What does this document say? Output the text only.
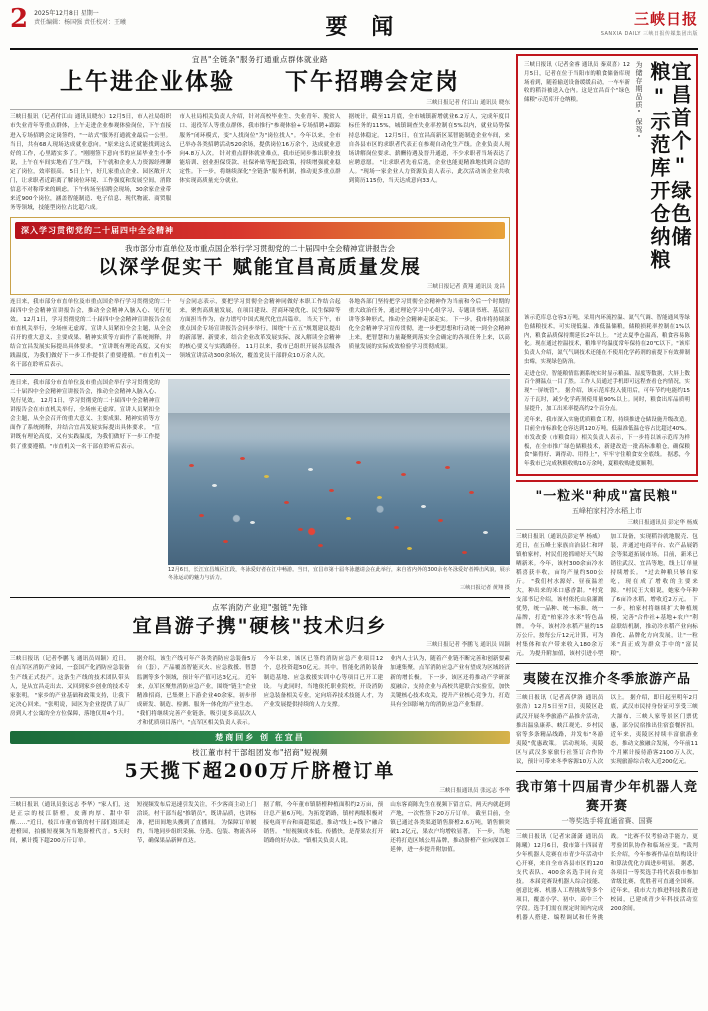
2 2025年12月8日 星期一
责任编辑：杨国强 责任校对：王曦	要 闻	三峡日报
SANXIA DAILY 三峡日报传媒集团出版
宜昌"全链条"服务打通重点群体就业路
上午进企业体验 下午招聘会定岗
三峡日报记者 付江山 通讯员 晓东
三峡日报讯（记者付江山 通讯员晓东）12月5日，市人社局组织市失业青年等重点群体，上午走进企业参观体验岗位，下午直接进入专场招聘会定岗签约，"一站式"服务打通就业最后一公里。当日，共有68人现场达成就业意向。"原来这么近就能找到这么好的工作，心里踏实多了。"刚刚签下意向书的应届毕业生小李说，上午在车间实地看了生产线，下午就和企业人力资源经理聊定了岗位，效率很高。 5日上午，好几家重点企业、园区敞开大门，让求职者近距离了解岗位环境、工作强度和发展空间，消除信息不对称带来的顾虑。下午转场至招聘会现场，30余家企业带来近900个岗位，涵盖智能制造、电子信息、现代物流、商贸服务等领域，技能型岗位占比超六成。
市人社局相关负责人介绍，针对高校毕业生、失业青年、脱贫人口、退役军人等重点群体，我市推行"参观体验+专场招聘+跟踪服务"闭环模式，变"人找岗位"为"岗位找人"。今年以来，全市已举办各类招聘活动520余场，提供岗位16万余个，达成就业意向4.8万人次。 针对重点群体就业难点，我市还同步推出职业技能培训、创业担保贷款、社保补贴等配套政策，持续增强就业稳定性。下一步，将继续深化"全链条"服务机制，推动更多重点群体实现高质量充分就业。
据统计，截至11月底，全市城镇新增就业6.2万人，完成年度目标任务的115%，城镇调查失业率控制在5%以内，就业局势保持总体稳定。 12月5日，在宜昌高新区某智能制造企业车间，来自各县市区的求职者代表正在参观自动化生产线。企业负责人现场讲解岗位要求、薪酬待遇及晋升通道，不少求职者当场表达了应聘意愿。 "让求职者先看后选，企业也能更精准地找到合适的人。"现场一家企业人力资源负责人表示，此次活动该企业共收到简历115份，当天达成意向33人。
深入学习贯彻党的二十届四中全会精神
我市部分市直单位及市重点国企举行学习贯彻党的二十届四中全会精神宣讲报告会
以深学促实干 赋能宜昌高质量发展
三峡日报记者 黄翔 通讯员 龙昌
连日来，我市部分市直单位及市重点国企举行学习贯彻党的二十届四中全会精神宣讲报告会，推动全会精神入脑入心、见行见效。 12月1日，学习贯彻党的二十届四中全会精神宣讲报告会在市直机关举行，全场座无虚席。宣讲人员紧扣全会主题，从全会召开的重大意义、主要成果、精神实质等方面作了系统阐释，并结合宜昌发展实际提出具体要求。 "宣讲既有理论高度，又有实践温度，为我们做好下一步工作提供了重要遵循。"市直机关一名干部在聆听后表示。
与会同志表示，要把学习贯彻全会精神同做好本职工作结合起来，聚焦高质量发展，在项目建设、营商环境优化、民生保障等方面担当作为，奋力谱写中国式现代化宜昌篇章。 当天下午，市重点国企专场宣讲报告会同步举行，围绕"十五五"规划建议提出的新部署、新要求，结合企业改革发展实际，深入解读全会精神的核心要义与实践路径。 11月以来，我市已组织开展各层级各领域宣讲活动300余场次，覆盖党员干部群众10万余人次。
各地各部门坚持把学习贯彻全会精神作为当前和今后一个时期的重大政治任务，通过理论学习中心组学习、专题读书班、基层宣讲等多种形式，推动全会精神走深走实。 下一步，我市将持续深化全会精神学习宣传贯彻，进一步把思想和行动统一到全会精神上来，把智慧和力量凝聚到落实全会确定的各项任务上来，以高质量发展的实际成效检验学习贯彻成果。
连日来，我市部分市直单位及市重点国企举行学习贯彻党的二十届四中全会精神宣讲报告会，推动全会精神入脑入心、见行见效。 12月1日，学习贯彻党的二十届四中全会精神宣讲报告会在市直机关举行，全场座无虚席。宣讲人员紧扣全会主题，从全会召开的重大意义、主要成果、精神实质等方面作了系统阐释，并结合宜昌发展实际提出具体要求。 "宣讲既有理论高度，又有实践温度，为我们做好下一步工作提供了重要遵循。"市直机关一名干部在聆听后表示。
12月6日，长江宜昌城区江段，冬泳爱好者在江中畅游。当日，宜昌市第十届冬泳邀请会在此举行，来自省内外的300余名冬泳爱好者搏击风浪，展示冬泳运动的魅力与活力。
三峡日报记者 黄翔 摄
点军消防产业迎"强链"先锋
宜昌游子携"硬核"技术归乡
三峡日报记者 李鹏飞 通讯员 周颖
三峡日报讯（记者李鹏飞 通讯员周颖）近日，在点军区消防产业园，一套国产化消防应急装备生产线正式投产。这条生产线的技术团队带头人，是从宜昌走出去、又回到家乡创业的技术专家张明。 "家乡的产业基础和政策支持，让我下定决心回来。"张明说，园区为企业提供了从厂房到人才公寓的全方位保障，落地仅用4个月。
据介绍，该生产线可年产各类消防应急装备5万台（套），产品覆盖智能灭火、应急救援、智慧监测等多个领域，预计年产值可达3亿元。 近年来，点军区聚焦消防应急产业，围绕"链主"企业精准招商，已集聚上下游企业40余家，初步形成研发、制造、检测、服务一体化的产业生态。 "我们将继续完善产业链条，吸引更多高层次人才和优质项目落户。"点军区相关负责人表示。
今年以来，该区已签约消防应急产业项目12个，总投资超50亿元。其中，智能化消防装备制造基地、应急救援实训中心等项目已开工建设。 与此同时，当地依托职业院校，开设消防应急装备相关专业，定向培养技术技能人才，为产业发展提供持续的人力支撑。
业内人士认为，随着产业链不断完善和创新要素加速集聚，点军消防应急产业有望成为区域经济新的增长极。 下一步，该区还将推动产学研深度融合，支持企业与高校共建联合实验室，加快关键核心技术攻关，提升产业核心竞争力，打造具有全国影响力的消防应急产业集群。
楚商回乡 创 在宜昌
枝江董市村干部组团发布"招商"短视频
5天揽下超200万斤脐橙订单
三峡日报通讯员 张远志 李华
三峡日报讯（通讯员张远志 李华）"家人们，这是正宗的枝江脐橙，皮薄肉厚、甜中带酸……"近日，枝江市董市镇的村干部们组团走进橙园，拍摄短视频为当地脐橙代言。5天时间，累计揽下超200万斤订单。
短视频发布后迅速引发关注，不少客商主动上门洽谈。村干部当起"推销员"，既讲品质，也讲标准，把田间地头搬到了直播间。 为保障订单履约，当地同步组织采摘、分选、包装、物流各环节，确保果品新鲜直达。
据了解，今年董市镇脐橙种植面积约2万亩，预计总产量6万吨。为拓宽销路，镇村两级积极对接电商平台和商超渠道，推动"线上+线下"融合销售。 "短视频成本低、传播快，是帮果农打开销路的好办法。"镇相关负责人说。
山东客商陈先生在视频下留言后，两天内就赶到产地，一次性签下20万斤订单。 截至目前，全镇已通过各类渠道销售脐橙2.6万吨，销售额突破1.2亿元，果农户均增收显著。 下一步，当地还将打造区域公用品牌，推动脐橙产业向深加工延伸，进一步提升附加值。
宜昌首个"绿色储粮"示范库开仓纳粮
为储存期品质"保驾"
三峡日报讯（记者金睿 通讯员 秦双喜）12月5日，记者在位于当阳市的粮食储备库现场看到，随着输送设备缓缓启动，一车车新收的稻谷被送入仓内。这是宜昌首个"绿色储粮"示范库开仓纳粮。
该示范库总仓容3万吨，采用内环流控温、氮气气调、智能通风等绿色储粮技术，可实现低温、准低温储粮，储粮损耗率控制在1%以内，粮食品质保持期延长2年以上。 "过去夏季仓温高，粮食容易陈化。现在通过控温技术，粮堆平均温度常年保持在20℃以下。"该库负责人介绍，氮气气调技术还能在不使用化学药剂的前提下有效抑制虫霉，实现绿色防治。
走进仓房，智能粮情监测系统实时显示粮温、湿度等数据，大屏上数百个测温点一目了然。工作人员通过手机即可远程查看仓内情况，实现"一屏统管"。 据介绍，该示范库投入使用后，可年节约电能约15万千瓦时，减少化学药剂使用量90%以上。同时，粮食出库品质明显提升，加工出米率提高约2个百分点。
近年来，我市深入实施优质粮食工程，持续推进仓储设施升级改造。目前全市标准化仓容达到120万吨，低温准低温仓容占比超过40%。 市发改委（市粮食局）相关负责人表示，下一步将以该示范库为样板，在全市推广绿色储粮技术，新建改造一批高标准粮仓，确保粮食"储得好、调得动、用得上"，牢牢守住粮食安全底线。 据悉，今年我市已完成秋粮收购10万余吨，夏粮收购进度顺利。
"一粒米"种成"富民粮"
五峰柏家村冷水稻上市
三峡日报通讯员 彭定华 杨威
三峡日报讯（通讯员彭定华 杨威）近日，在五峰土家族自治县仁和坪镇柏家村，村民们抢抓晴好天气晾晒新米。今年，该村300余亩冷水稻喜获丰收，亩均产量约500公斤。 "我们村水源好、昼夜温差大，种出来的米口感香甜。"村党支部书记介绍，该村依托山泉灌溉优势，统一品种、统一标准、统一品牌，打造"柏家冷水米"特色品牌。 今年，该村冷水稻产量约15万公斤，按每公斤12元计算，可为村集体和农户带来收入180余万元。 为提升附加值，该村引进小型加工设备，实现稻谷就地脱壳、包装，并通过电商平台、农产品展销会等渠道拓展市场。目前，新米已销往武汉、宜昌等地，线上订单量持续增长。 "过去种粮只够自家吃，现在成了增收的主要来源。"村民王大姐说，她家今年种了6亩冷水稻，增收近2万元。 下一步，柏家村将继续扩大种植规模，完善"合作社+基地+农户"利益联结机制，推动冷水稻产业向标准化、品牌化方向发展，让"一粒米"真正成为群众手中的"富民粮"。
夷陵在汉推介冬季旅游产品
三峡日报讯（记者高伊洛 通讯员 张浩）12月5日至7日，夷陵区赴武汉开展冬季旅游产品推介活动，推出温泉康养、峡江观光、乡村民宿等多条精品线路，并发布"冬游夷陵"优惠政策。 活动现场，夷陵区与武汉多家旅行社签订合作协议，预计可带来冬季客源10万人次以上。 据介绍，即日起至明年2月底，武汉市民持身份证可享受三峡大瀑布、三峡人家等景区门票优惠，部分民宿推出住宿套餐折扣。 近年来，夷陵区持续丰富旅游业态，推动文旅融合发展，今年前11个月累计接待游客2100万人次，实现旅游综合收入近200亿元。
我市第十四届青少年机器人竞赛开赛
一等奖选手将直通省赛、国赛
三峡日报讯（记者宋潇潇 通讯员 陈曦）12月6日，我市第十四届青少年机器人竞赛在市青少年活动中心开赛，来自全市各县市区的120支代表队、400余名选手同台竞技。 本届竞赛设机器人综合技能、创意比赛、机器人工程挑战等多个项目，覆盖小学、初中、高中三个学段。选手们需在规定时间内完成机器人搭建、编程调试和任务挑战。 "比赛不仅考验动手能力，更考验团队协作和临场应变。"裁判长介绍，今年参赛作品在结构设计和算法优化方面进步明显。 据悉，各项目一等奖选手将代表我市参加省级比赛，优胜者可直通全国赛。近年来，我市大力推进科技教育进校园，已建成青少年科技活动室200余间。
